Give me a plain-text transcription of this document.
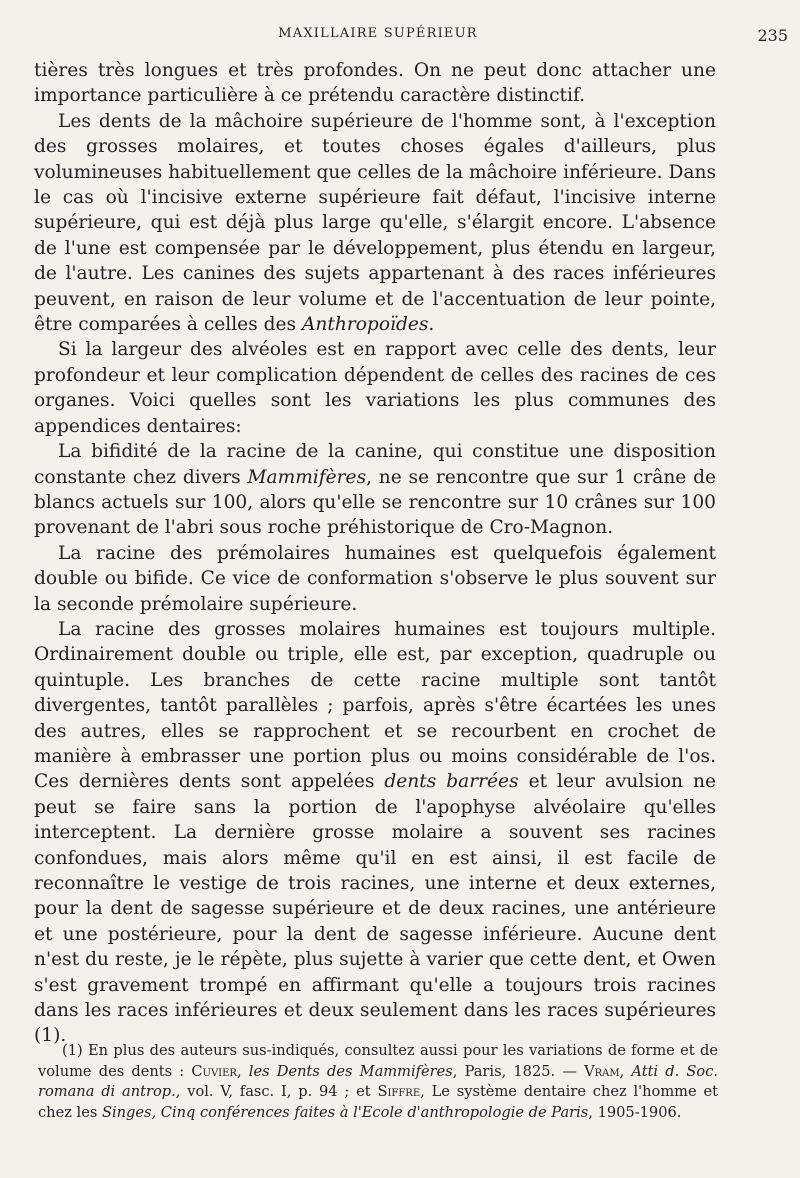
MAXILLAIRE SUPÉRIEUR	235

tières très longues et très profondes. On ne peut donc attacher une importance particulière à ce prétendu caractère distinctif.

Les dents de la mâchoire supérieure de l'homme sont, à l'exception des grosses molaires, et toutes choses égales d'ailleurs, plus volumineuses habituellement que celles de la mâchoire inférieure. Dans le cas où l'incisive externe supérieure fait défaut, l'incisive interne supérieure, qui est déjà plus large qu'elle, s'élargit encore. L'absence de l'une est compensée par le développement, plus étendu en largeur, de l'autre. Les canines des sujets appartenant à des races inférieures peuvent, en raison de leur volume et de l'accentuation de leur pointe, être comparées à celles des Anthropoïdes.

Si la largeur des alvéoles est en rapport avec celle des dents, leur profondeur et leur complication dépendent de celles des racines de ces organes. Voici quelles sont les variations les plus communes des appendices dentaires:

La bifidité de la racine de la canine, qui constitue une disposition constante chez divers Mammifères, ne se rencontre que sur 1 crâne de blancs actuels sur 100, alors qu'elle se rencontre sur 10 crânes sur 100 provenant de l'abri sous roche préhistorique de Cro-Magnon.

La racine des prémolaires humaines est quelquefois également double ou bifide. Ce vice de conformation s'observe le plus souvent sur la seconde prémolaire supérieure.

La racine des grosses molaires humaines est toujours multiple. Ordinairement double ou triple, elle est, par exception, quadruple ou quintuple. Les branches de cette racine multiple sont tantôt divergentes, tantôt parallèles ; parfois, après s'être écartées les unes des autres, elles se rapprochent et se recourbent en crochet de manière à embrasser une portion plus ou moins considérable de l'os. Ces dernières dents sont appelées dents barrées et leur avulsion ne peut se faire sans la portion de l'apophyse alvéolaire qu'elles interceptent. La dernière grosse molaire a souvent ses racines confondues, mais alors même qu'il en est ainsi, il est facile de reconnaître le vestige de trois racines, une interne et deux externes, pour la dent de sagesse supérieure et de deux racines, une antérieure et une postérieure, pour la dent de sagesse inférieure. Aucune dent n'est du reste, je le répète, plus sujette à varier que cette dent, et Owen s'est gravement trompé en affirmant qu'elle a toujours trois racines dans les races inférieures et deux seulement dans les races supérieures (1).

(1) En plus des auteurs sus-indiqués, consultez aussi pour les variations de forme et de volume des dents : Cuvier, les Dents des Mammifères, Paris, 1825. — Vram, Atti d. Soc. romana di antrop., vol. V, fasc. I, p. 94 ; et Siffre, Le système dentaire chez l'homme et chez les Singes, Cinq conférences faites à l'Ecole d'anthropologie de Paris, 1905-1906.
